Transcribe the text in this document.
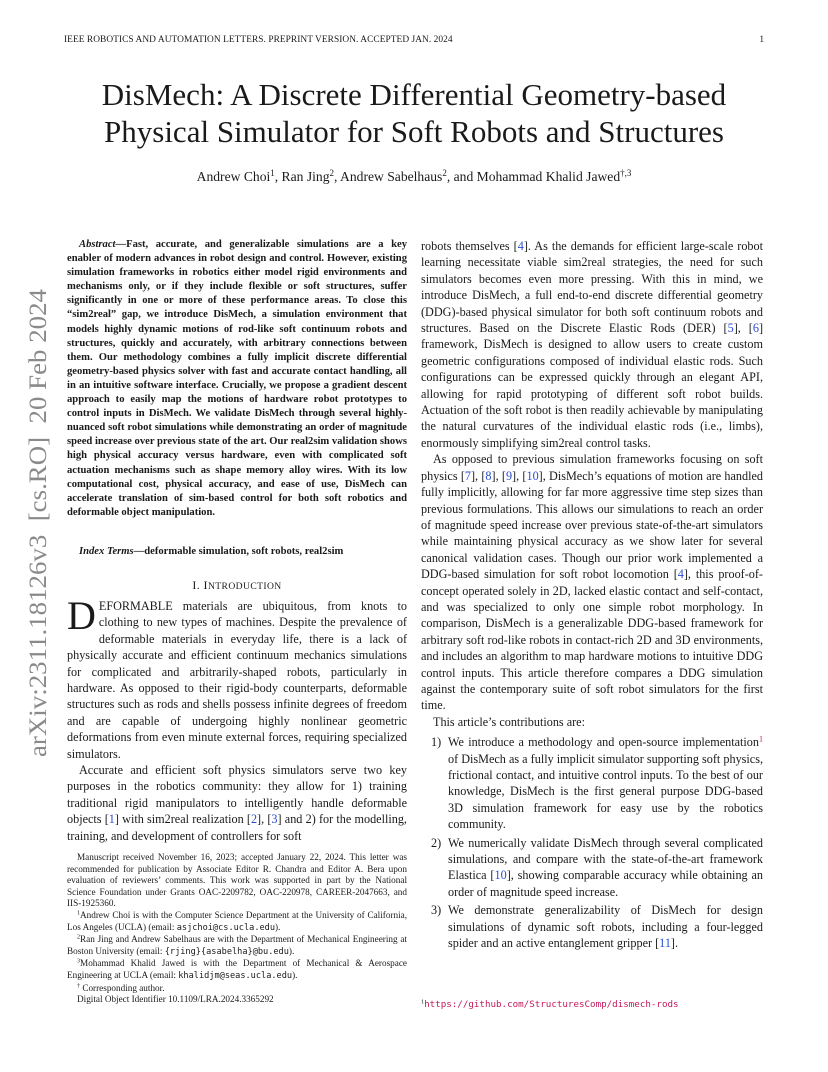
IEEE ROBOTICS AND AUTOMATION LETTERS. PREPRINT VERSION. ACCEPTED JAN. 2024	1
DisMech: A Discrete Differential Geometry-based
Physical Simulator for Soft Robots and Structures
Andrew Choi$^1$, Ran Jing$^2$, Andrew Sabelhaus$^2$, and Mohammad Khalid Jawed$^{\dagger,3}$
arXiv:2311.18126v3  [cs.RO]  20 Feb 2024

Abstract—Fast, accurate, and generalizable simulations are a key enabler of modern advances in robot design and control. However, existing simulation frameworks in robotics either model rigid environments and mechanisms only, or if they include flexible or soft structures, suffer significantly in one or more of these performance areas. To close this “sim2real” gap, we introduce DisMech, a simulation environment that models highly dynamic motions of rod-like soft continuum robots and structures, quickly and accurately, with arbitrary connections between them. Our methodology combines a fully implicit discrete differential geometry-based physics solver with fast and accurate contact handling, all in an intuitive software interface. Crucially, we propose a gradient descent approach to easily map the motions of hardware robot prototypes to control inputs in DisMech. We validate DisMech through several highly-nuanced soft robot simulations while demonstrating an order of magnitude speed increase over previous state of the art. Our real2sim validation shows high physical accuracy versus hardware, even with complicated soft actuation mechanisms such as shape memory alloy wires. With its low computational cost, physical accuracy, and ease of use, DisMech can accelerate translation of sim-based control for both soft robotics and deformable object manipulation.

Index Terms—deformable simulation, soft robots, real2sim
I. INTRODUCTION

DEFORMABLE materials are ubiquitous, from knots to clothing to new types of machines. Despite the prevalence of deformable materials in everyday life, there is a lack of physically accurate and efficient continuum mechanics simulations for complicated and arbitrarily-shaped robots, particularly in hardware. As opposed to their rigid-body counterparts, deformable structures such as rods and shells possess infinite degrees of freedom and are capable of undergoing highly nonlinear geometric deformations from even minute external forces, requiring specialized simulators.

Accurate and efficient soft physics simulators serve two key purposes in the robotics community: they allow for 1) training traditional rigid manipulators to intelligently handle deformable objects [1] with sim2real realization [2], [3] and 2) for the modelling, training, and development of controllers for soft

Manuscript received November 16, 2023; accepted January 22, 2024. This letter was recommended for publication by Associate Editor R. Chandra and Editor A. Bera upon evaluation of reviewers’ comments. This work was supported in part by the National Science Foundation under Grants OAC-2209782, OAC-220978, CAREER-2047663, and IIS-1925360.

$^1$Andrew Choi is with the Computer Science Department at the University of California, Los Angeles (UCLA) (email: asjchoi@cs.ucla.edu).

$^2$Ran Jing and Andrew Sabelhaus are with the Department of Mechanical Engineering at Boston University (email: {rjing}{asabelha}@bu.edu).

$^3$Mohammad Khalid Jawed is with the Department of Mechanical & Aerospace Engineering at UCLA (email: khalidjm@seas.ucla.edu).

† Corresponding author.

Digital Object Identifier 10.1109/LRA.2024.3365292

robots themselves [4]. As the demands for efficient large-scale robot learning necessitate viable sim2real strategies, the need for such simulators becomes even more pressing. With this in mind, we introduce DisMech, a full end-to-end discrete differential geometry (DDG)-based physical simulator for both soft continuum robots and structures. Based on the Discrete Elastic Rods (DER) [5], [6] framework, DisMech is designed to allow users to create custom geometric configurations composed of individual elastic rods. Such configurations can be expressed quickly through an elegant API, allowing for rapid prototyping of different soft robot builds. Actuation of the soft robot is then readily achievable by manipulating the natural curvatures of the individual elastic rods (i.e., limbs), enormously simplifying sim2real control tasks.

As opposed to previous simulation frameworks focusing on soft physics [7], [8], [9], [10], DisMech’s equations of motion are handled fully implicitly, allowing for far more aggressive time step sizes than previous formulations. This allows our simulations to reach an order of magnitude speed increase over previous state-of-the-art simulators while maintaining physical accuracy as we show later for several canonical validation cases. Though our prior work implemented a DDG-based simulation for soft robot locomotion [4], this proof-of-concept operated solely in 2D, lacked elastic contact and self-contact, and was specialized to only one simple robot morphology. In comparison, DisMech is a generalizable DDG-based framework for arbitrary soft rod-like robots in contact-rich 2D and 3D environments, and includes an algorithm to map hardware motions to intuitive DDG control inputs. This article therefore compares a DDG simulation against the contemporary suite of soft robot simulators for the first time.

This article’s contributions are:

1) We introduce a methodology and open-source implementation$^1$ of DisMech as a fully implicit simulator supporting soft physics, frictional contact, and intuitive control inputs. To the best of our knowledge, DisMech is the first general purpose DDG-based 3D simulation framework for easy use by the robotics community.
2) We numerically validate DisMech through several complicated simulations, and compare with the state-of-the-art framework Elastica [10], showing comparable accuracy while obtaining an order of magnitude speed increase.
3) We demonstrate generalizability of DisMech for design simulations of dynamic soft robots, including a four-legged spider and an active entanglement gripper [11].
$^1$https://github.com/StructuresComp/dismech-rods
